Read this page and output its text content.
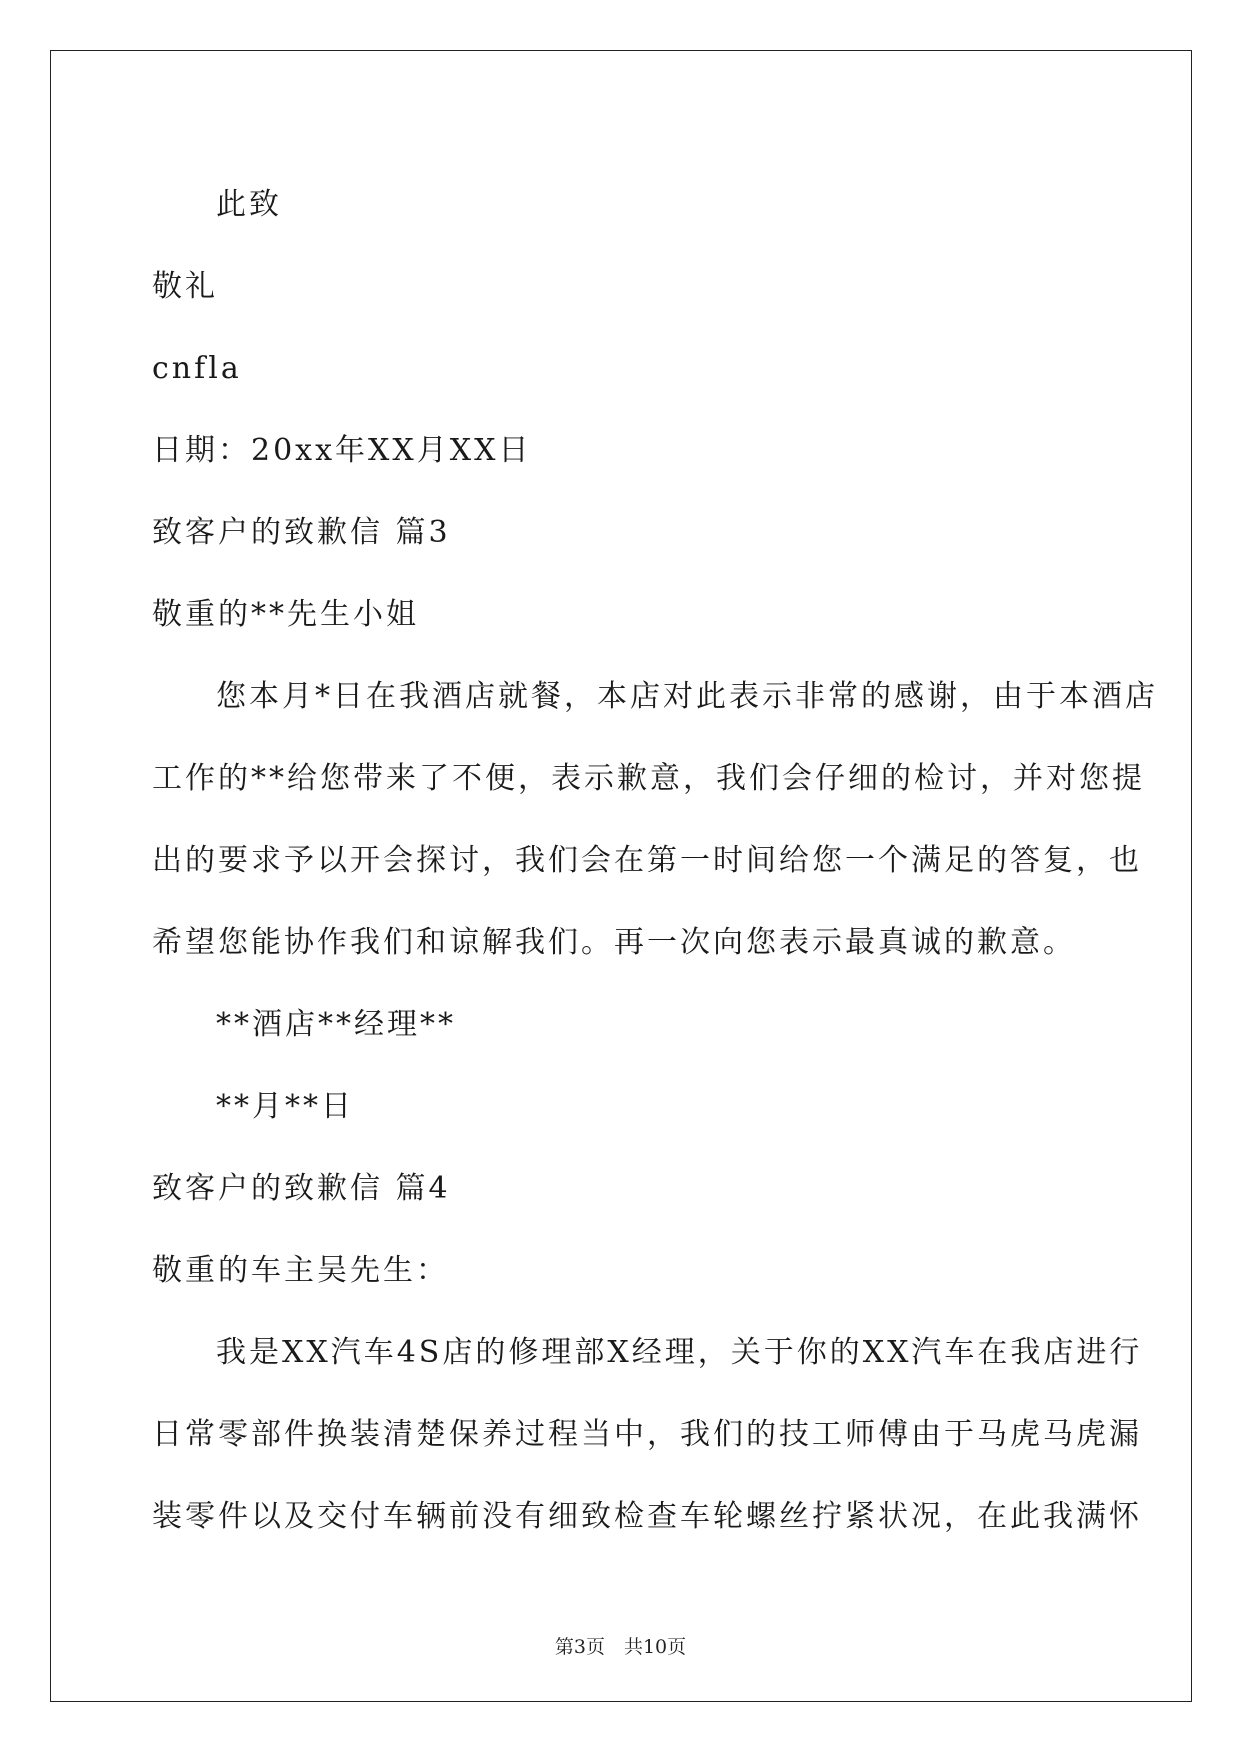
此致
敬礼
cnfla
日期：20xx年XX月XX日
致客户的致歉信 篇3
敬重的**先生小姐
您本月*日在我酒店就餐，本店对此表示非常的感谢，由于本酒店
工作的**给您带来了不便，表示歉意，我们会仔细的检讨，并对您提
出的要求予以开会探讨，我们会在第一时间给您一个满足的答复，也
希望您能协作我们和谅解我们。再一次向您表示最真诚的歉意。
**酒店**经理**
**月**日
致客户的致歉信 篇4
敬重的车主吴先生：
我是XX汽车4S店的修理部X经理，关于你的XX汽车在我店进行
日常零部件换装清楚保养过程当中，我们的技工师傅由于马虎马虎漏
装零件以及交付车辆前没有细致检查车轮螺丝拧紧状况，在此我满怀
第3页　共10页
